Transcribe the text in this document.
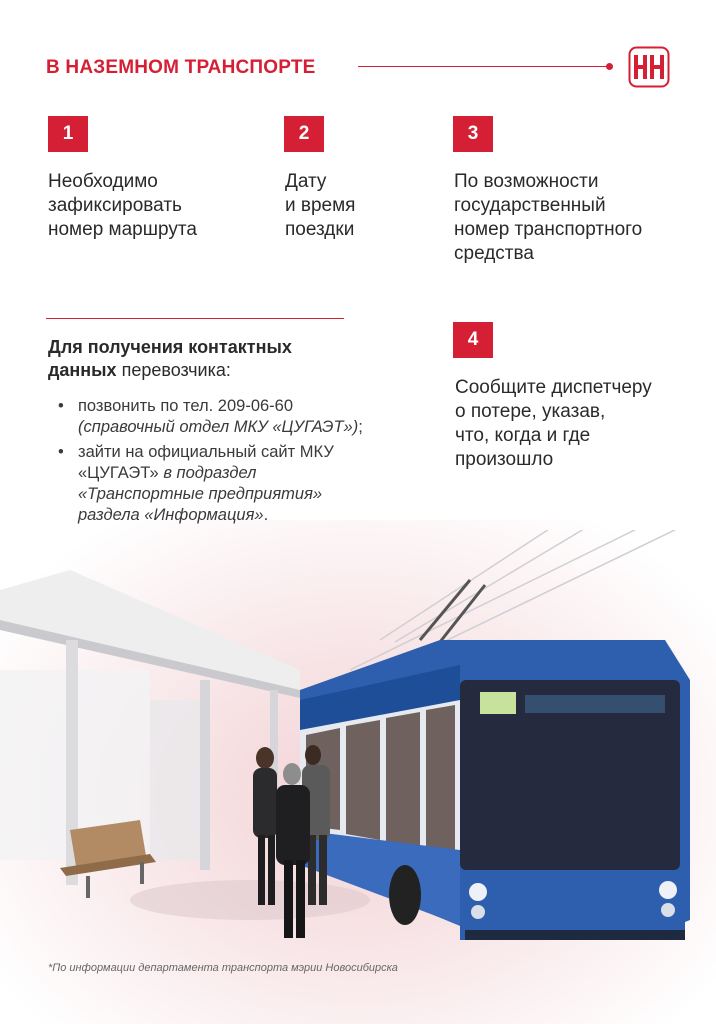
В НАЗЕМНОМ ТРАНСПОРТЕ
1
Необходимо
зафиксировать
номер маршрута
2
Дату
и время
поездки
3
По возможности
государственный
номер транспортного
средства
4
Сообщите диспетчеру
о потере, указав,
что, когда и где
произошло
Для получения контактных данных перевозчика:
• позвонить по тел. 209-06-60 (справочный отдел МКУ «ЦУГАЭТ»);
• зайти на официальный сайт МКУ «ЦУГАЭТ» в подраздел «Транспортные предприятия» раздела «Информация».
*По информации департамента транспорта мэрии Новосибирска
